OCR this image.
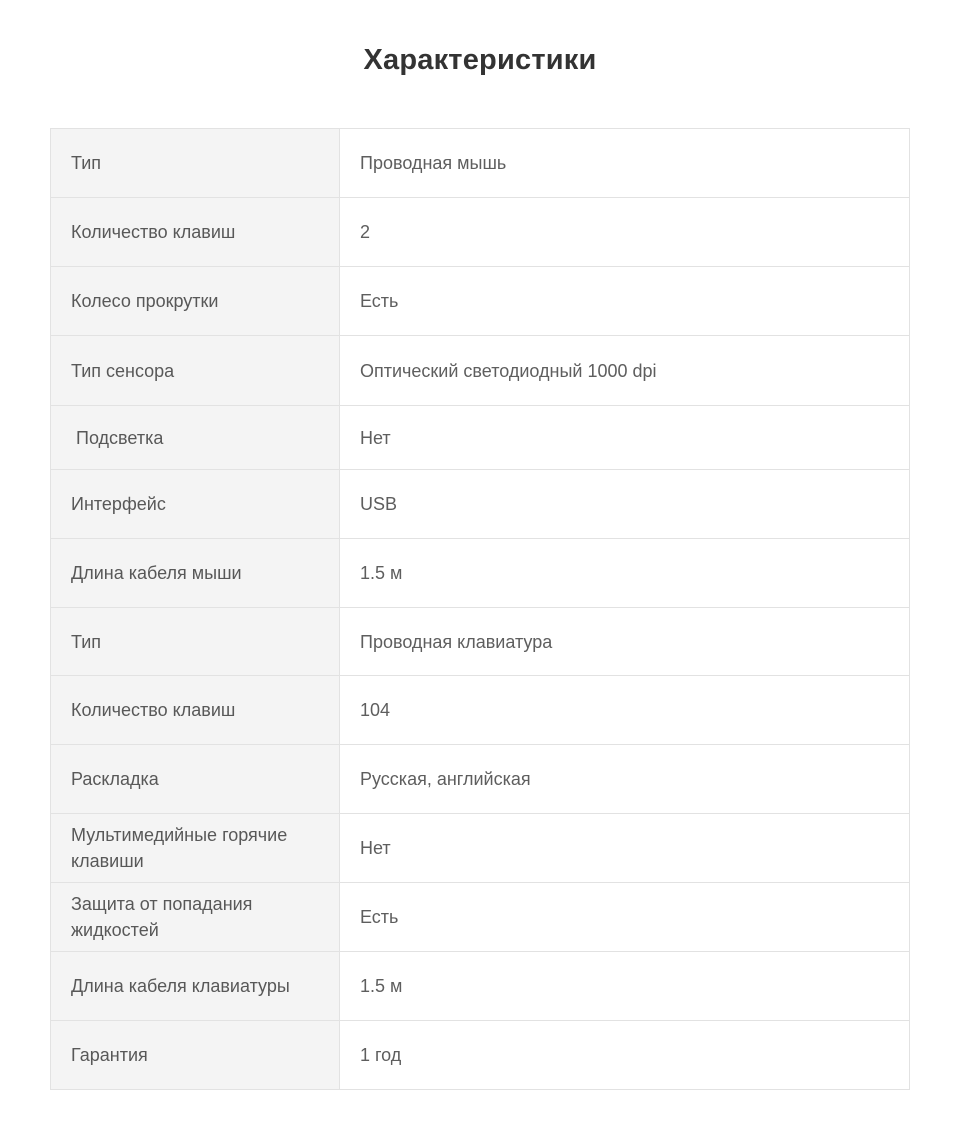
Характеристики
Тип	Проводная мышь
Количество клавиш	2
Колесо прокрутки	Есть
Тип сенсора	Оптический светодиодный 1000 dpi
Подсветка	Нет
Интерфейс	USB
Длина кабеля мыши	1.5 м
Тип	Проводная клавиатура
Количество клавиш	104
Раскладка	Русская, английская
Мультимедийные горячие клавиши	Нет
Защита от попадания жидкостей	Есть
Длина кабеля клавиатуры	1.5 м
Гарантия	1 год
